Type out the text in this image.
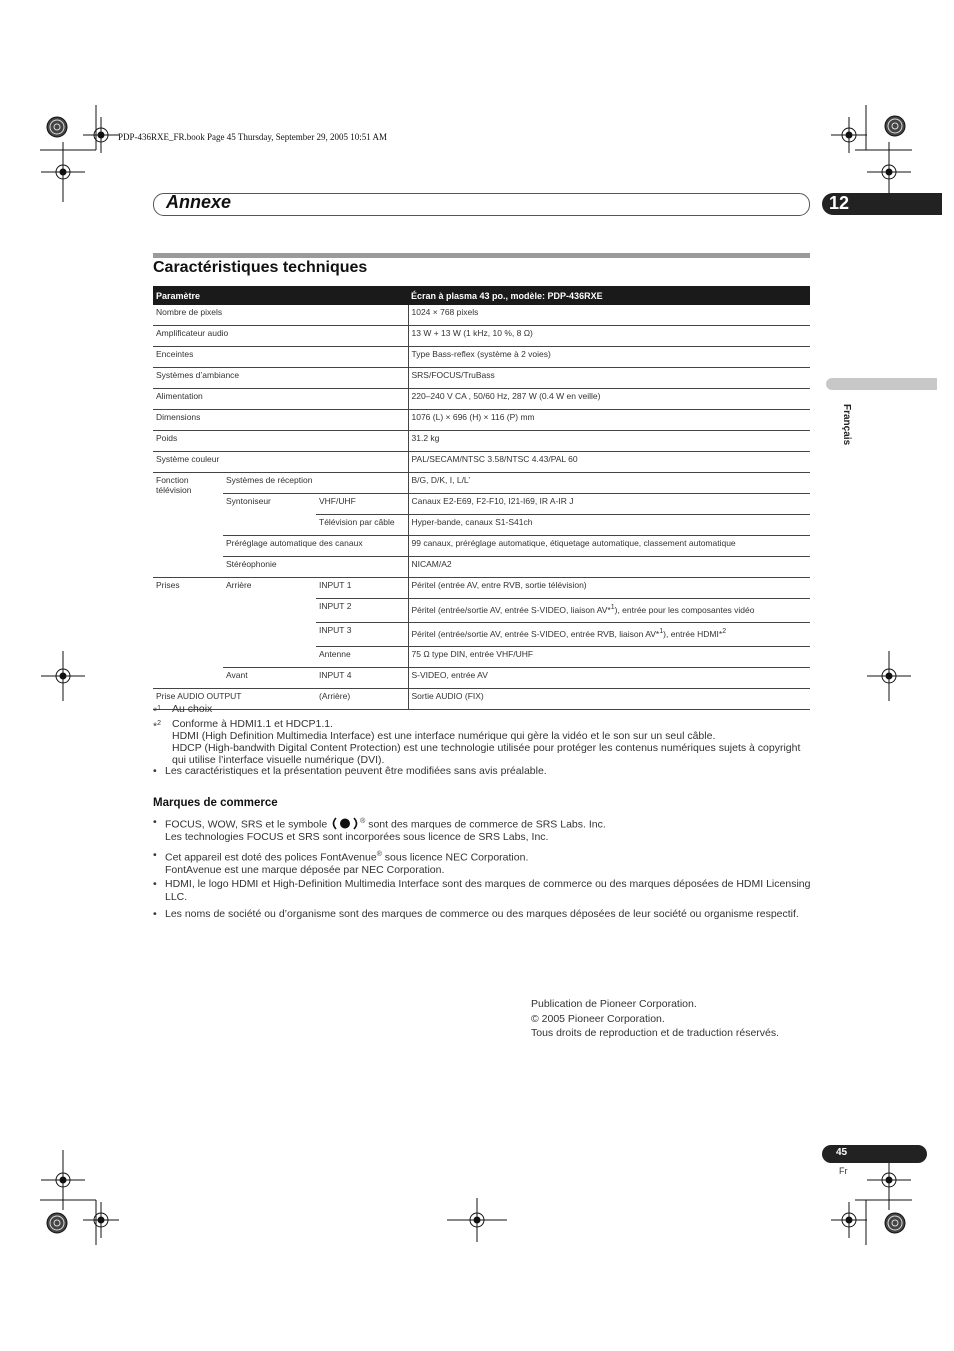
PDP-436RXE_FR.book Page 45 Thursday, September 29, 2005 10:51 AM
Annexe	12
Français
Caractéristiques techniques
Paramètre			Écran à plasma 43 po., modèle: PDP-436RXE
Nombre de pixels			1024 × 768 pixels
Amplificateur audio			13 W + 13 W (1 kHz, 10 %, 8 Ω)
Enceintes			Type Bass-reflex (système à 2 voies)
Systèmes d’ambiance			SRS/FOCUS/TruBass
Alimentation			220–240 V CA , 50/60 Hz, 287 W (0.4 W en veille)
Dimensions			1076 (L) × 696 (H) × 116 (P) mm
Poids			31.2 kg
Système couleur			PAL/SECAM/NTSC 3.58/NTSC 4.43/PAL 60
Fonction télévision	Systèmes de réception		B/G, D/K, I, L/L’
	Syntoniseur	VHF/UHF	Canaux E2-E69, F2-F10, I21-I69, IR A-IR J
		Télévision par câble	Hyper-bande, canaux S1-S41ch
	Préréglage automatique des canaux		99 canaux, préréglage automatique, étiquetage automatique, classement automatique
	Stéréophonie		NICAM/A2
Prises	Arrière	INPUT 1	Péritel (entrée AV, entre RVB, sortie télévision)
		INPUT 2	Péritel (entrée/sortie AV, entrée S-VIDEO, liaison AV*$^1$), entrée pour les composantes vidéo
		INPUT 3	Péritel (entrée/sortie AV, entrée S-VIDEO, entrée RVB, liaison AV*$^1$), entrée HDMI*$^2$
		Antenne	75 Ω type DIN, entrée VHF/UHF
	Avant	INPUT 4	S-VIDEO, entrée AV
Prise AUDIO OUTPUT		(Arrière)	Sortie AUDIO (FIX)
*$^1$ Au choix
*$^2$ Conforme à HDMI1.1 et HDCP1.1.
HDMI (High Definition Multimedia Interface) est une interface numérique qui gère la vidéo et le son sur un seul câble.
HDCP (High-bandwith Digital Content Protection) est une technologie utilisée pour protéger les contenus numériques sujets à copyright qui utilise l’interface visuelle numérique (DVI).
• Les caractéristiques et la présentation peuvent être modifiées sans avis préalable.
Marques de commerce
• FOCUS, WOW, SRS et le symbole	® sont des marques de commerce de SRS Labs. Inc.
Les technologies FOCUS et SRS sont incorporées sous licence de SRS Labs, Inc.
• Cet appareil est doté des polices FontAvenue® sous licence NEC Corporation.
FontAvenue est une marque déposée par NEC Corporation.
• HDMI, le logo HDMI et High-Definition Multimedia Interface sont des marques de commerce ou des marques déposées de HDMI Licensing LLC.
• Les noms de société ou d’organisme sont des marques de commerce ou des marques déposées de leur société ou organisme respectif.
Publication de Pioneer Corporation.
© 2005 Pioneer Corporation.
Tous droits de reproduction et de traduction réservés.
45
Fr
